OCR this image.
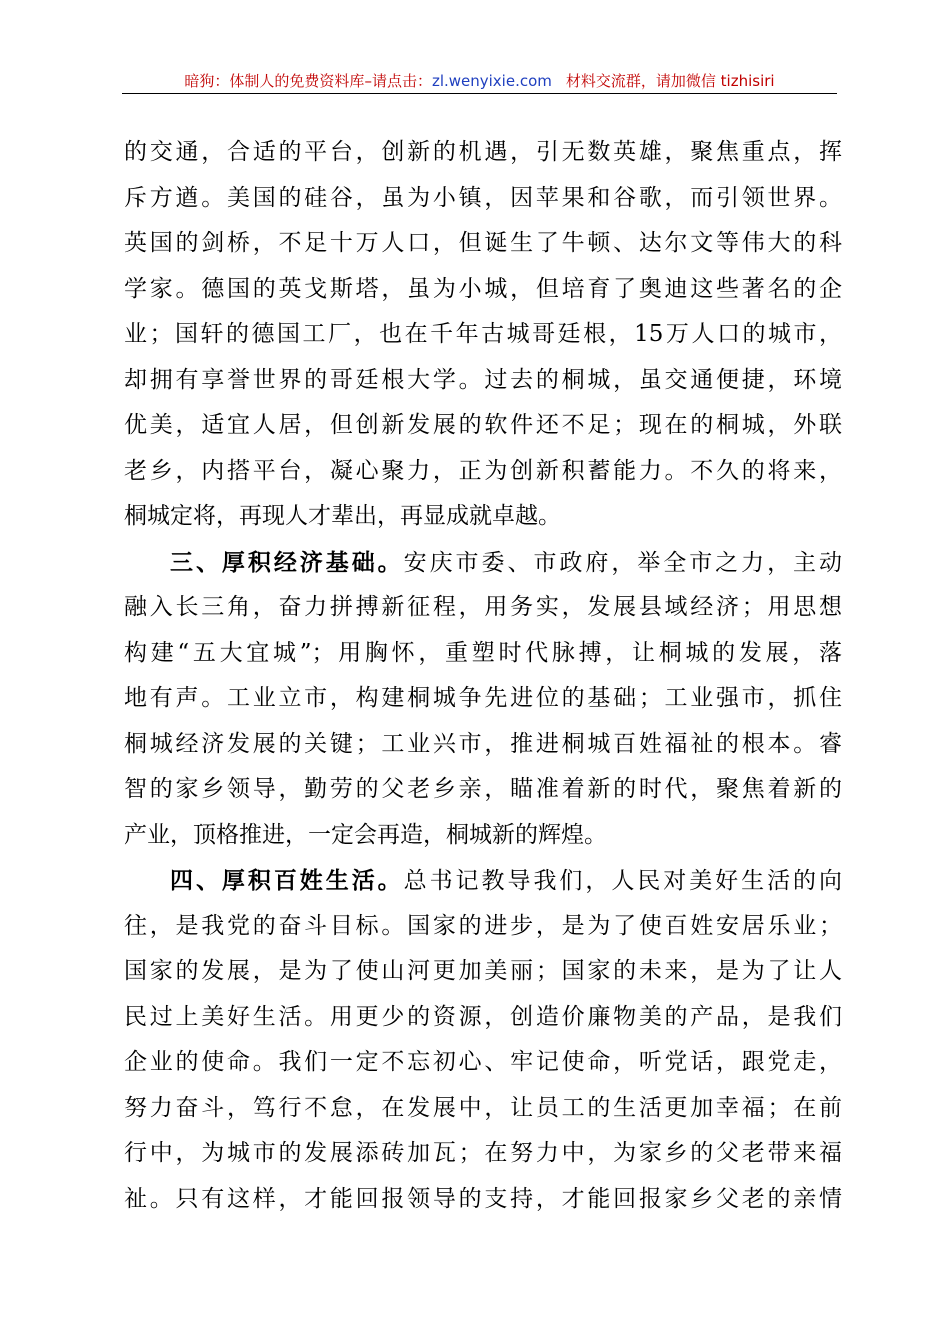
暗狗：体制人的免费资料库–请点击：zl.wenyixie.com 材料交流群，请加微信 tizhisiri
的交通，合适的平台，创新的机遇，引无数英雄，聚焦重点，挥
斥方遒。美国的硅谷，虽为小镇，因苹果和谷歌，而引领世界。
英国的剑桥，不足十万人口，但诞生了牛顿、达尔文等伟大的科
学家。德国的英戈斯塔，虽为小城，但培育了奥迪这些著名的企
业；国轩的德国工厂，也在千年古城哥廷根，15万人口的城市，
却拥有享誉世界的哥廷根大学。过去的桐城，虽交通便捷，环境
优美，适宜人居，但创新发展的软件还不足；现在的桐城，外联
老乡，内搭平台，凝心聚力，正为创新积蓄能力。不久的将来，
桐城定将，再现人才辈出，再显成就卓越。
三、厚积经济基础。安庆市委、市政府，举全市之力，主动
融入长三角，奋力拼搏新征程，用务实，发展县域经济；用思想
构建“五大宜城”；用胸怀，重塑时代脉搏，让桐城的发展，落
地有声。工业立市，构建桐城争先进位的基础；工业强市，抓住
桐城经济发展的关键；工业兴市，推进桐城百姓福祉的根本。睿
智的家乡领导，勤劳的父老乡亲，瞄准着新的时代，聚焦着新的
产业，顶格推进，一定会再造，桐城新的辉煌。
四、厚积百姓生活。总书记教导我们，人民对美好生活的向
往，是我党的奋斗目标。国家的进步，是为了使百姓安居乐业；
国家的发展，是为了使山河更加美丽；国家的未来，是为了让人
民过上美好生活。用更少的资源，创造价廉物美的产品，是我们
企业的使命。我们一定不忘初心、牢记使命，听党话，跟党走，
努力奋斗，笃行不怠，在发展中，让员工的生活更加幸福；在前
行中，为城市的发展添砖加瓦；在努力中，为家乡的父老带来福
祉。只有这样，才能回报领导的支持，才能回报家乡父老的亲情
